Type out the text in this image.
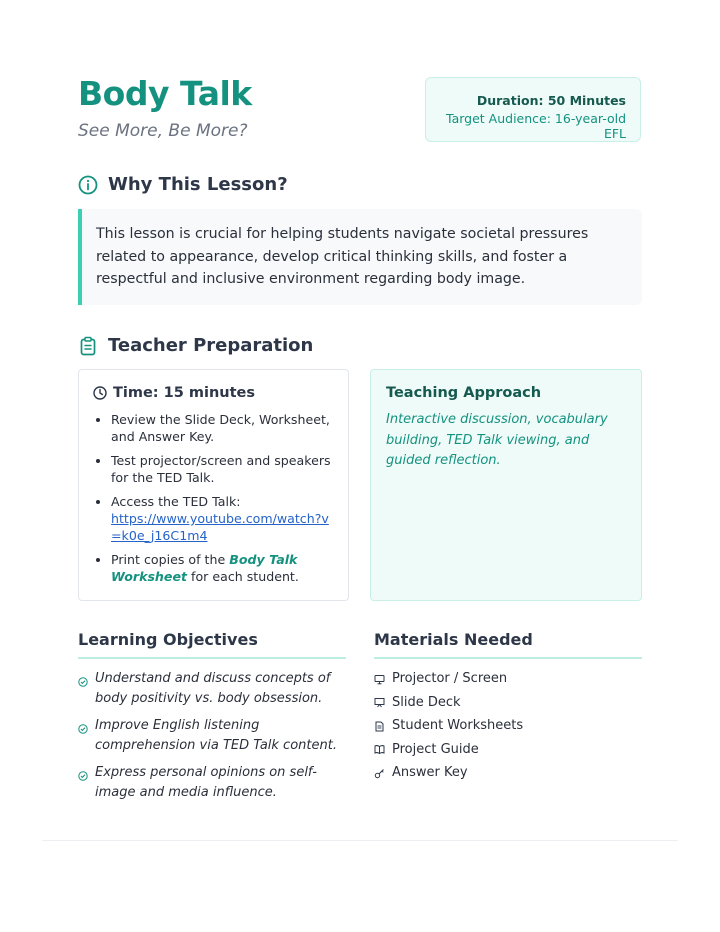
Body Talk
See More, Be More?
Duration: 50 Minutes
Target Audience: 16-year-old EFL
Why This Lesson?
This lesson is crucial for helping students navigate societal pressures related to appearance, develop critical thinking skills, and foster a respectful and inclusive environment regarding body image.
Teacher Preparation
Time: 15 minutes
• Review the Slide Deck, Worksheet, and Answer Key.
• Test projector/screen and speakers for the TED Talk.
• Access the TED Talk:
https://www.youtube.com/watch?v=k0e_j16C1m4
• Print copies of the Body Talk Worksheet for each student.
Teaching Approach
Interactive discussion, vocabulary building, TED Talk viewing, and guided reflection.
Learning Objectives
Understand and discuss concepts of body positivity vs. body obsession.
Improve English listening comprehension via TED Talk content.
Express personal opinions on self-image and media influence.
Materials Needed
Projector / Screen
Slide Deck
Student Worksheets
Project Guide
Answer Key
